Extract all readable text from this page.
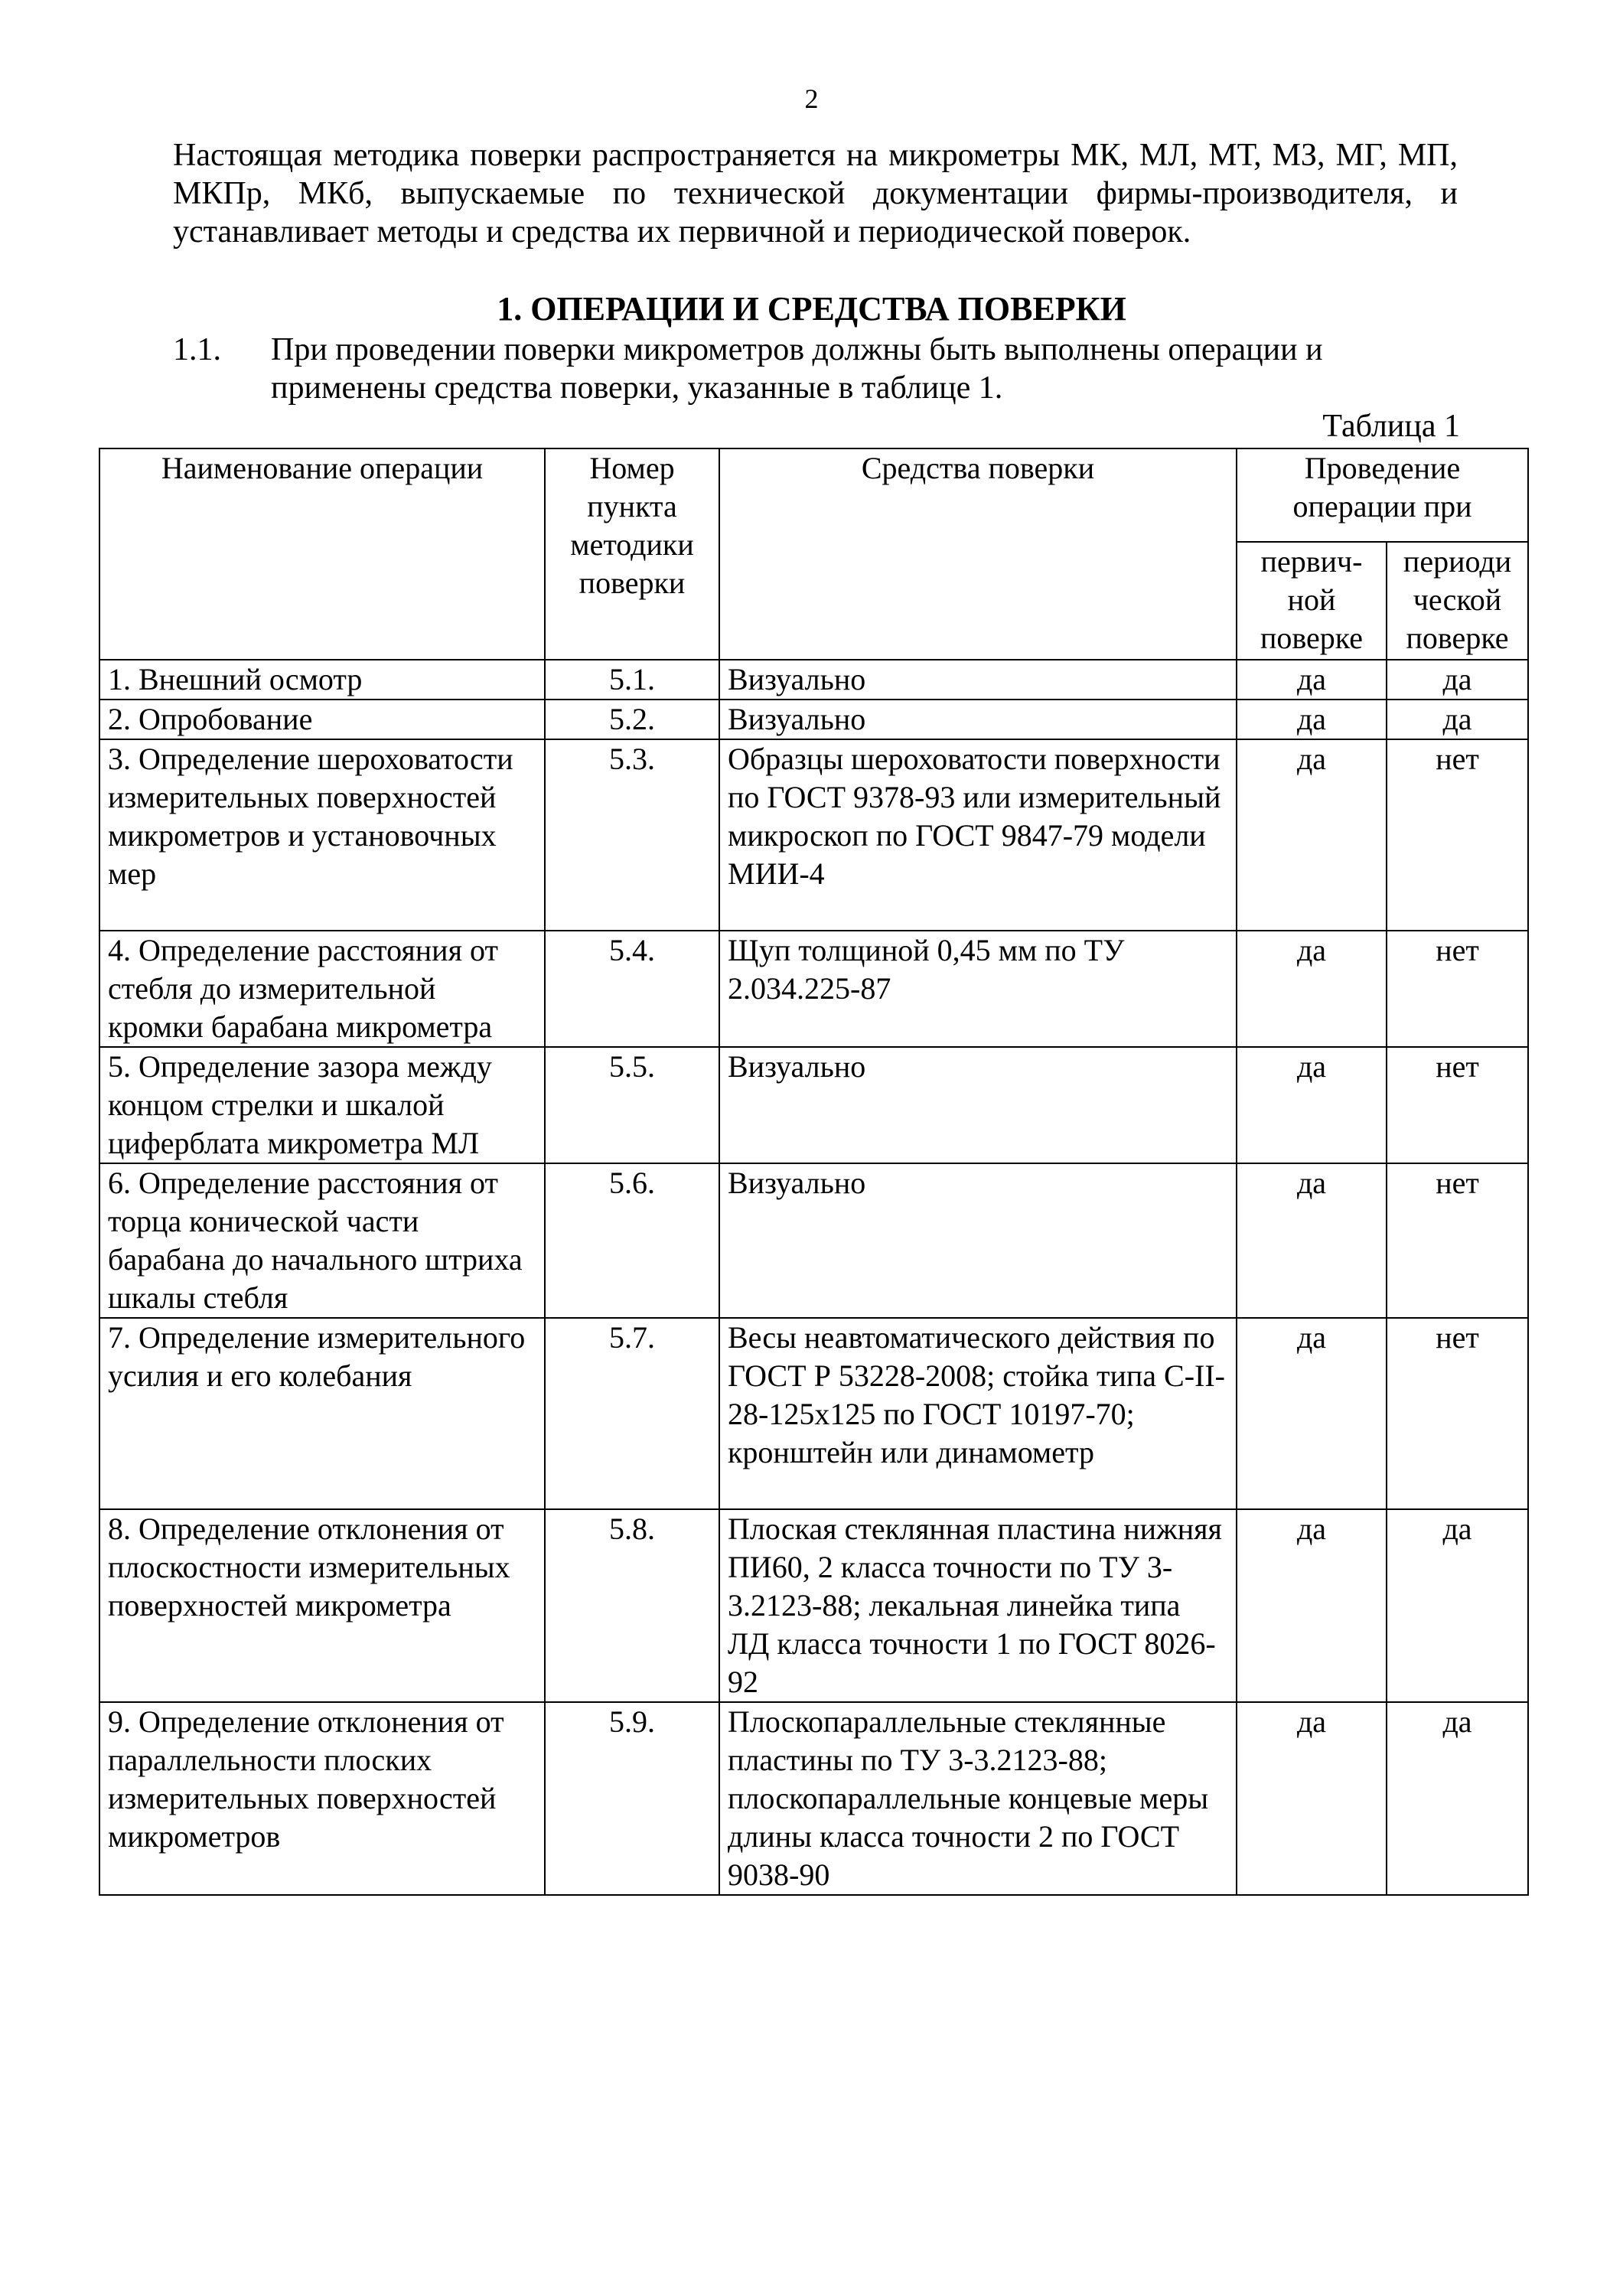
2

Настоящая методика поверки распространяется на микрометры МК, МЛ, МТ, МЗ, МГ, МП, МКПр, МКб, выпускаемые по технической документации фирмы-производителя, и устанавливает методы и средства их первичной и периодической поверок.

1. ОПЕРАЦИИ И СРЕДСТВА ПОВЕРКИ
1.1. При проведении поверки микрометров должны быть выполнены операции и
применены средства поверки, указанные в таблице 1.
Таблица 1
Наименование операции	Номер пункта методики поверки	Средства поверки	Проведение операции при	
			первич-ной поверке	периоди ческой поверке
1. Внешний осмотр	5.1.	Визуально	да	да
2. Опробование	5.2.	Визуально	да	да
3. Определение шероховатости измерительных поверхностей микрометров и установочных мер	5.3.	Образцы шероховатости поверхности по ГОСТ 9378-93 или измерительный микроскоп по ГОСТ 9847-79 модели МИИ-4	да	нет
4. Определение расстояния от стебля до измерительной кромки барабана микрометра	5.4.	Щуп толщиной 0,45 мм по ТУ 2.034.225-87	да	нет
5. Определение зазора между концом стрелки и шкалой циферблата микрометра МЛ	5.5.	Визуально	да	нет
6. Определение расстояния от торца конической части барабана до начального штриха шкалы стебля	5.6.	Визуально	да	нет
7. Определение измерительного усилия и его колебания	5.7.	Весы неавтоматического действия по ГОСТ Р 53228-2008; стойка типа С-II-28-125х125 по ГОСТ 10197-70; кронштейн или динамометр	да	нет
8. Определение отклонения от плоскостности измерительных поверхностей микрометра	5.8.	Плоская стеклянная пластина нижняя ПИ60, 2 класса точности по ТУ 3-3.2123-88; лекальная линейка типа ЛД класса точности 1 по ГОСТ 8026-92	да	да
9. Определение отклонения от параллельности плоских измерительных поверхностей микрометров	5.9.	Плоскопараллельные стеклянные пластины по ТУ 3-3.2123-88; плоскопараллельные концевые меры длины класса точности 2 по ГОСТ 9038-90	да	да
